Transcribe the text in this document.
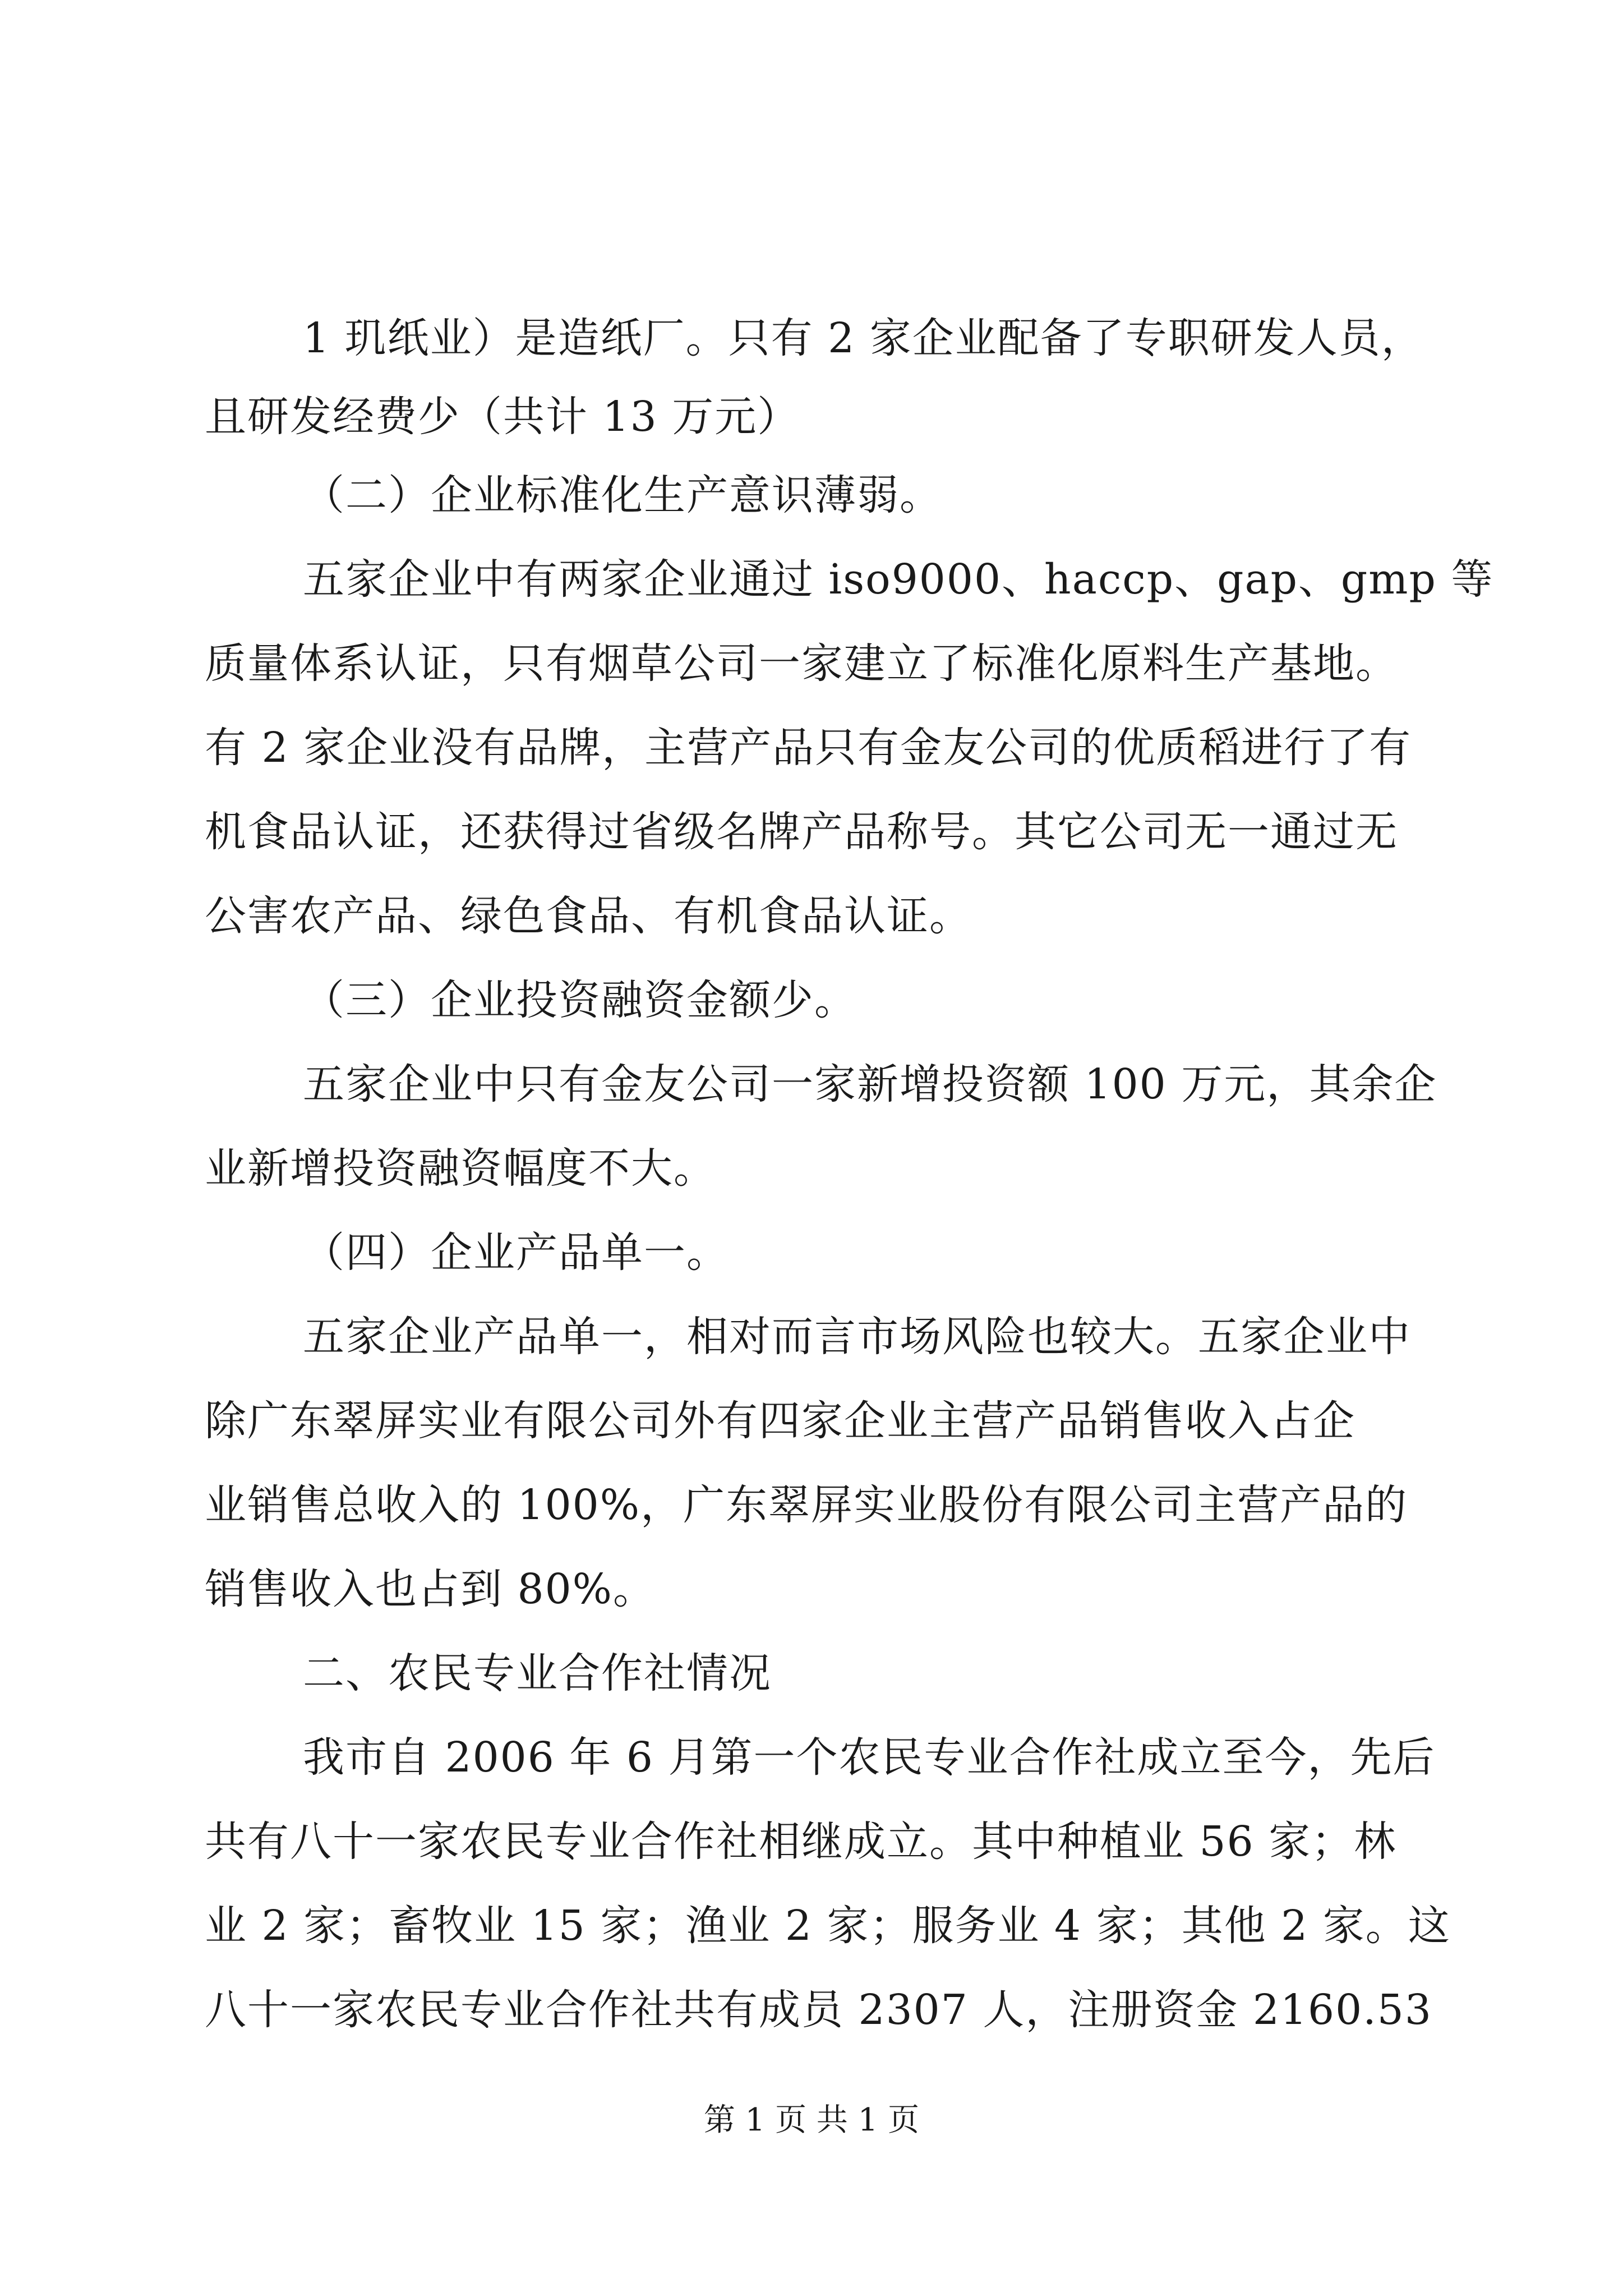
1 玑纸业）是造纸厂。只有 2 家企业配备了专职研发人员，
且研发经费少（共计 13 万元）
（二）企业标准化生产意识薄弱。
五家企业中有两家企业通过 iso9000、haccp、gap、gmp 等
质量体系认证，只有烟草公司一家建立了标准化原料生产基地。
有 2 家企业没有品牌，主营产品只有金友公司的优质稻进行了有
机食品认证，还获得过省级名牌产品称号。其它公司无一通过无
公害农产品、绿色食品、有机食品认证。
（三）企业投资融资金额少。
五家企业中只有金友公司一家新增投资额 100 万元，其余企
业新增投资融资幅度不大。
（四）企业产品单一。
五家企业产品单一，相对而言市场风险也较大。五家企业中
除广东翠屏实业有限公司外有四家企业主营产品销售收入占企
业销售总收入的 100%，广东翠屏实业股份有限公司主营产品的
销售收入也占到 80%。
二、农民专业合作社情况
我市自 2006 年 6 月第一个农民专业合作社成立至今，先后
共有八十一家农民专业合作社相继成立。其中种植业 56 家；林
业 2 家；畜牧业 15 家；渔业 2 家；服务业 4 家；其他 2 家。这
八十一家农民专业合作社共有成员 2307 人，注册资金 2160.53
第 1 页 共 1 页
